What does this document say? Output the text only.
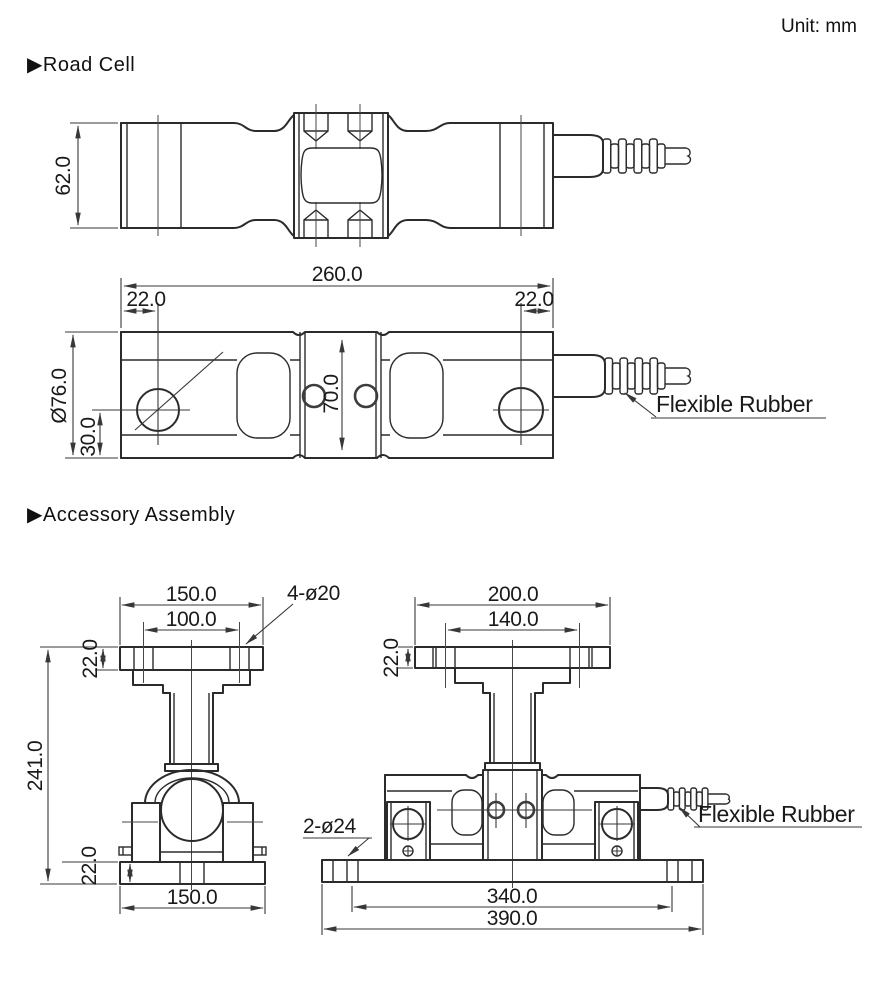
Unit: mm
▶Road Cell
▶Accessory Assembly
62.0
260.0
22.0	22.0
Ø76.0
30.0
70.0	Flexible Rubber
150.0
100.0
4-ø20
22.0
241.0
22.0
150.0
200.0
140.0
22.0
2-ø24	Flexible Rubber
340.0
390.0
